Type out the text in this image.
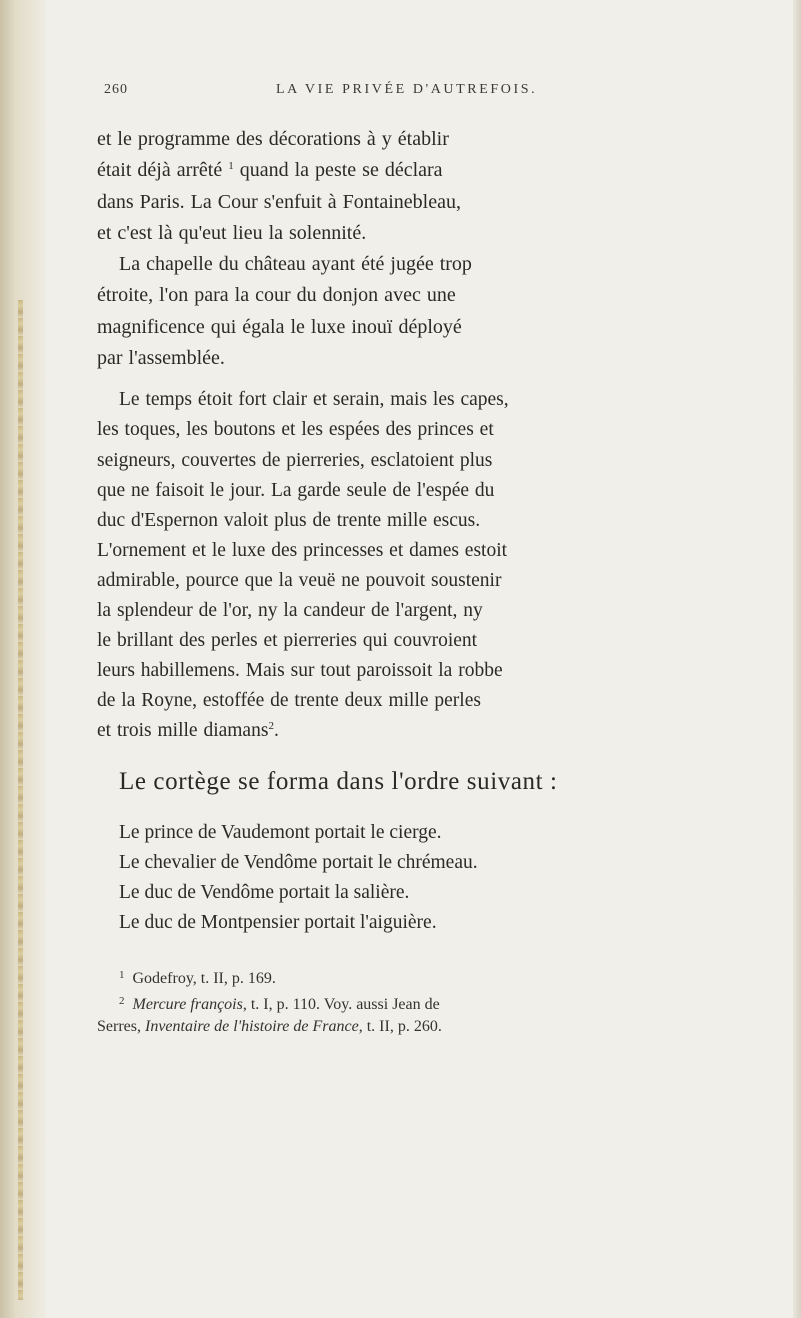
260	LA VIE PRIVÉE D'AUTREFOIS.

et le programme des décorations à y établir
était déjà arrêté $^1$ quand la peste se déclara
dans Paris. La Cour s'enfuit à Fontainebleau,
et c'est là qu'eut lieu la solennité.

La chapelle du château ayant été jugée trop
étroite, l'on para la cour du donjon avec une
magnificence qui égala le luxe inouï déployé
par l'assemblée.

Le temps étoit fort clair et serain, mais les capes,
les toques, les boutons et les espées des princes et
seigneurs, couvertes de pierreries, esclatoient plus
que ne faisoit le jour. La garde seule de l'espée du
duc d'Espernon valoit plus de trente mille escus.
L'ornement et le luxe des princesses et dames estoit
admirable, pource que la veuë ne pouvoit soustenir
la splendeur de l'or, ny la candeur de l'argent, ny
le brillant des perles et pierreries qui couvroient
leurs habillemens. Mais sur tout paroissoit la robbe
de la Royne, estoffée de trente deux mille perles
et trois mille diamans$^2$.

Le cortège se forma dans l'ordre suivant :
Le prince de Vaudemont portait le cierge.
Le chevalier de Vendôme portait le chrémeau.
Le duc de Vendôme portait la salière.
Le duc de Montpensier portait l'aiguière.
$^1$ Godefroy, t. II, p. 169.
$^2$ Mercure françois, t. I, p. 110. Voy. aussi Jean de
Serres, Inventaire de l'histoire de France, t. II, p. 260.
